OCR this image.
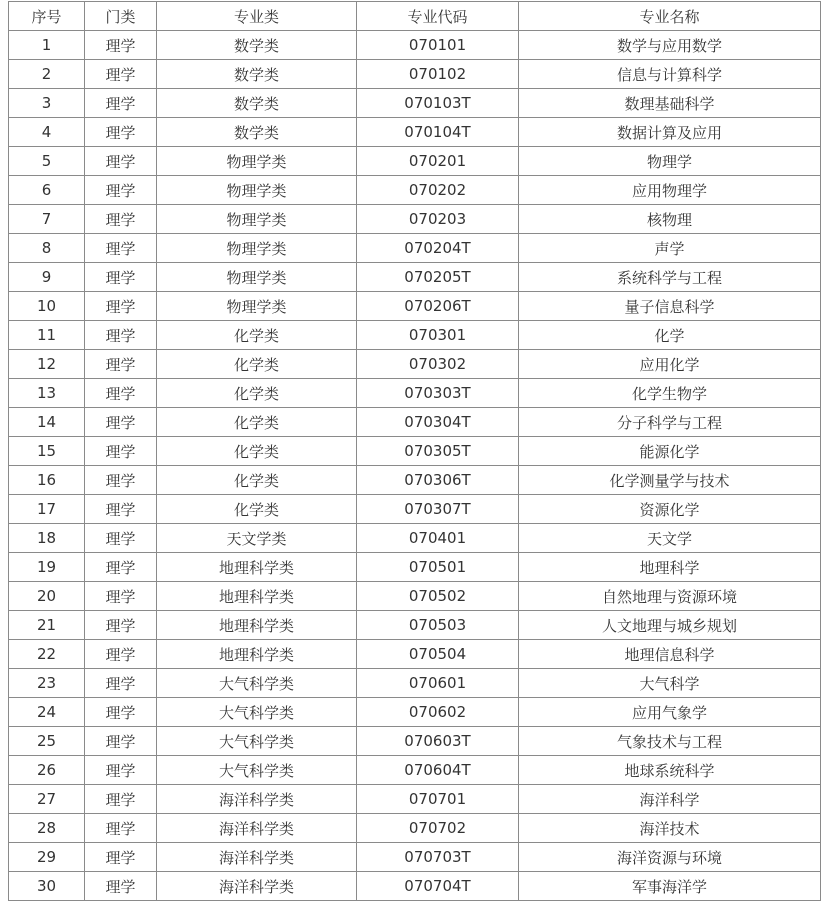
序号	门类	专业类	专业代码	专业名称
1	理学	数学类	070101	数学与应用数学
2	理学	数学类	070102	信息与计算科学
3	理学	数学类	070103T	数理基础科学
4	理学	数学类	070104T	数据计算及应用
5	理学	物理学类	070201	物理学
6	理学	物理学类	070202	应用物理学
7	理学	物理学类	070203	核物理
8	理学	物理学类	070204T	声学
9	理学	物理学类	070205T	系统科学与工程
10	理学	物理学类	070206T	量子信息科学
11	理学	化学类	070301	化学
12	理学	化学类	070302	应用化学
13	理学	化学类	070303T	化学生物学
14	理学	化学类	070304T	分子科学与工程
15	理学	化学类	070305T	能源化学
16	理学	化学类	070306T	化学测量学与技术
17	理学	化学类	070307T	资源化学
18	理学	天文学类	070401	天文学
19	理学	地理科学类	070501	地理科学
20	理学	地理科学类	070502	自然地理与资源环境
21	理学	地理科学类	070503	人文地理与城乡规划
22	理学	地理科学类	070504	地理信息科学
23	理学	大气科学类	070601	大气科学
24	理学	大气科学类	070602	应用气象学
25	理学	大气科学类	070603T	气象技术与工程
26	理学	大气科学类	070604T	地球系统科学
27	理学	海洋科学类	070701	海洋科学
28	理学	海洋科学类	070702	海洋技术
29	理学	海洋科学类	070703T	海洋资源与环境
30	理学	海洋科学类	070704T	军事海洋学
